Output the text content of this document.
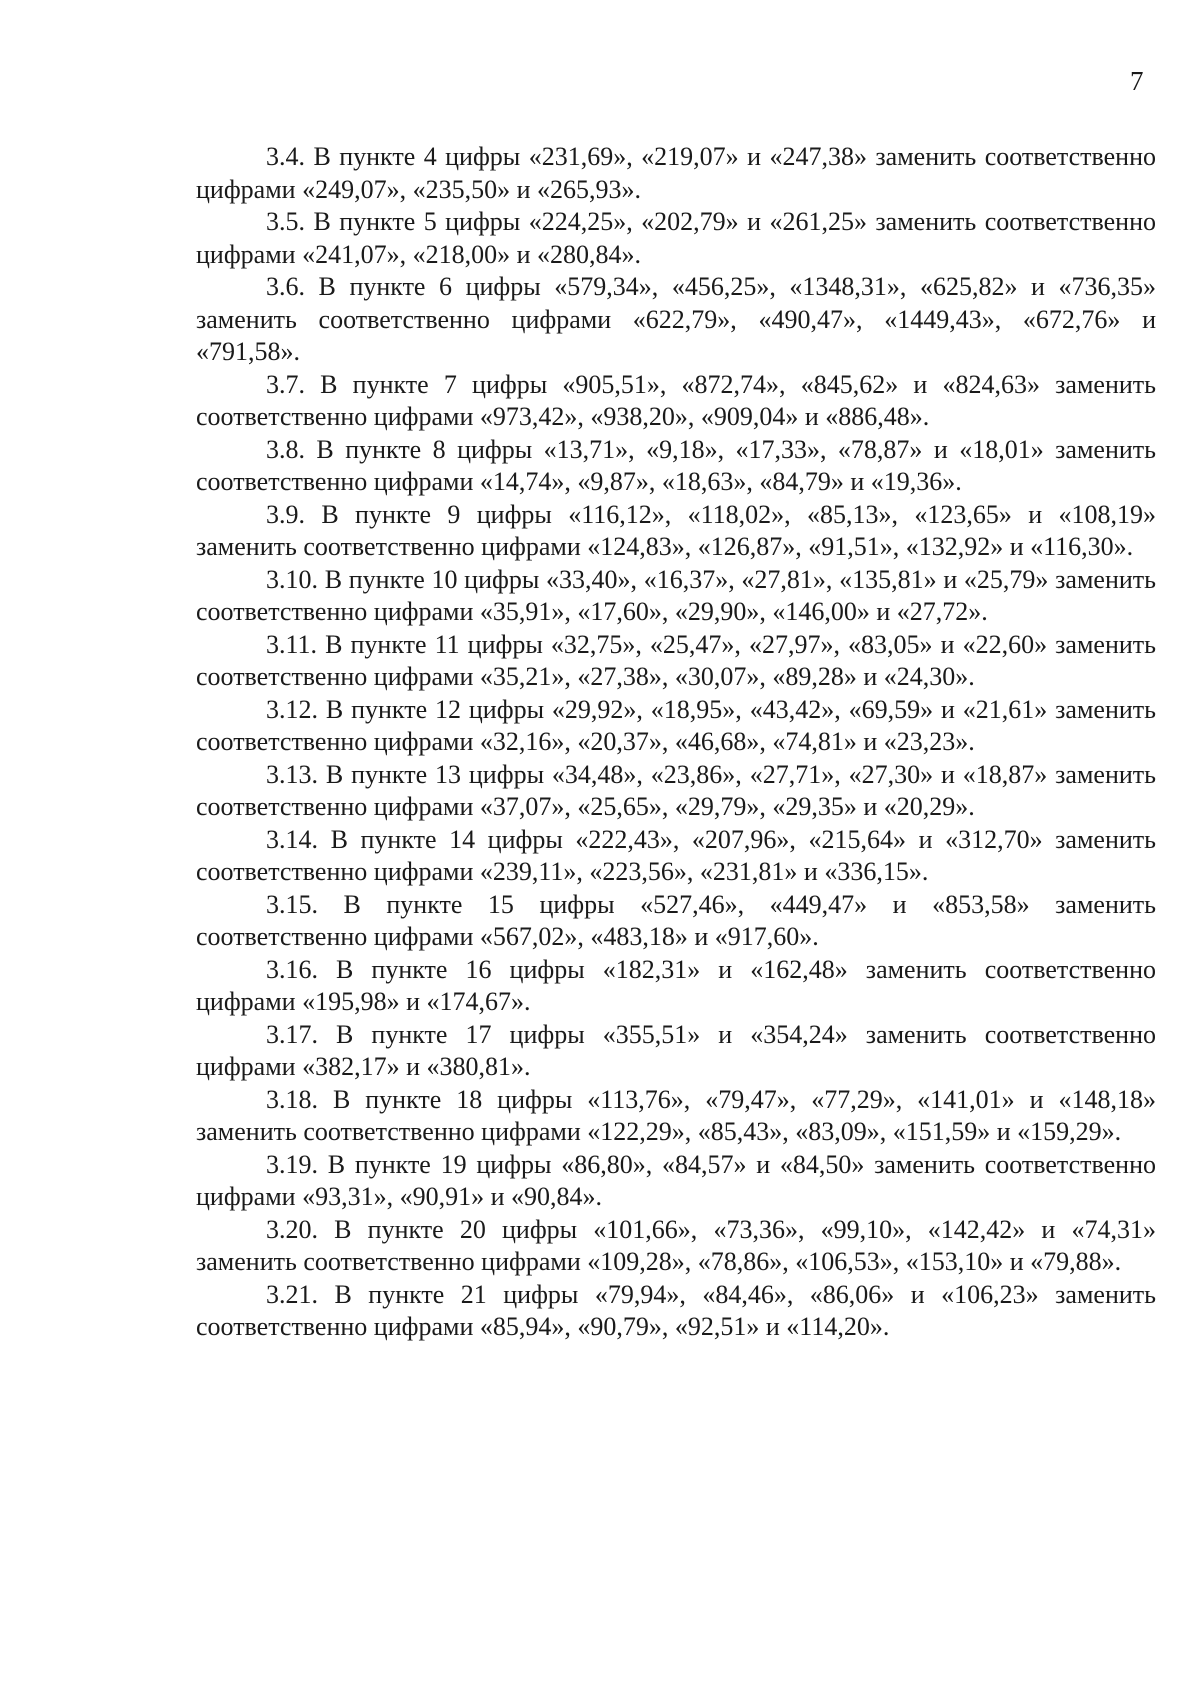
7

3.4. В пункте 4 цифры «231,69», «219,07» и «247,38» заменить соответственно цифрами «249,07», «235,50» и «265,93».

3.5. В пункте 5 цифры «224,25», «202,79» и «261,25» заменить соответственно цифрами «241,07», «218,00» и «280,84».

3.6. В пункте 6 цифры «579,34», «456,25», «1348,31», «625,82» и «736,35» заменить соответственно цифрами «622,79», «490,47», «1449,43», «672,76» и «791,58».

3.7. В пункте 7 цифры «905,51», «872,74», «845,62» и «824,63» заменить соответственно цифрами «973,42», «938,20», «909,04» и «886,48».

3.8. В пункте 8 цифры «13,71», «9,18», «17,33», «78,87» и «18,01» заменить соответственно цифрами «14,74», «9,87», «18,63», «84,79» и «19,36».

3.9. В пункте 9 цифры «116,12», «118,02», «85,13», «123,65» и «108,19» заменить соответственно цифрами «124,83», «126,87», «91,51», «132,92» и «116,30».

3.10. В пункте 10 цифры «33,40», «16,37», «27,81», «135,81» и «25,79» заменить соответственно цифрами «35,91», «17,60», «29,90», «146,00» и «27,72».

3.11. В пункте 11 цифры «32,75», «25,47», «27,97», «83,05» и «22,60» заменить соответственно цифрами «35,21», «27,38», «30,07», «89,28» и «24,30».

3.12. В пункте 12 цифры «29,92», «18,95», «43,42», «69,59» и «21,61» заменить соответственно цифрами «32,16», «20,37», «46,68», «74,81» и «23,23».

3.13. В пункте 13 цифры «34,48», «23,86», «27,71», «27,30» и «18,87» заменить соответственно цифрами «37,07», «25,65», «29,79», «29,35» и «20,29».

3.14. В пункте 14 цифры «222,43», «207,96», «215,64» и «312,70» заменить соответственно цифрами «239,11», «223,56», «231,81» и «336,15».

3.15. В пункте 15 цифры «527,46», «449,47» и «853,58» заменить соответственно цифрами «567,02», «483,18» и «917,60».

3.16. В пункте 16 цифры «182,31» и «162,48» заменить соответственно цифрами «195,98» и «174,67».

3.17. В пункте 17 цифры «355,51» и «354,24» заменить соответственно цифрами «382,17» и «380,81».

3.18. В пункте 18 цифры «113,76», «79,47», «77,29», «141,01» и «148,18» заменить соответственно цифрами «122,29», «85,43», «83,09», «151,59» и «159,29».

3.19. В пункте 19 цифры «86,80», «84,57» и «84,50» заменить соответственно цифрами «93,31», «90,91» и «90,84».

3.20. В пункте 20 цифры «101,66», «73,36», «99,10», «142,42» и «74,31» заменить соответственно цифрами «109,28», «78,86», «106,53», «153,10» и «79,88».

3.21. В пункте 21 цифры «79,94», «84,46», «86,06» и «106,23» заменить соответственно цифрами «85,94», «90,79», «92,51» и «114,20».
